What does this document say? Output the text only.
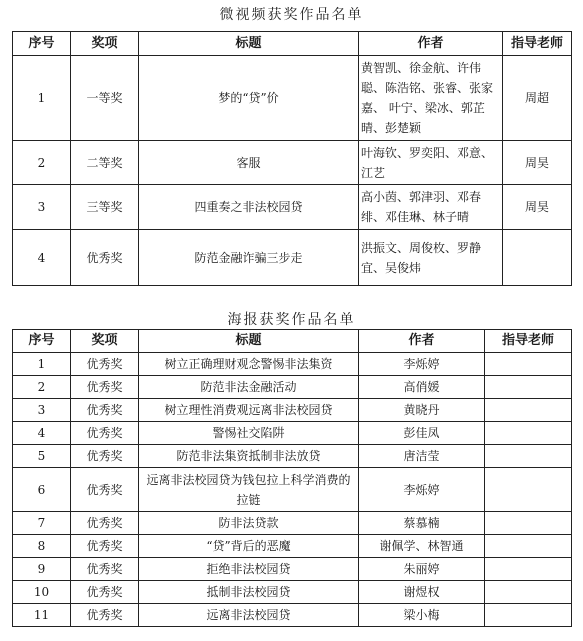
微视频获奖作品名单
序号	奖项	标题	作者	指导老师
1	一等奖	梦的“贷”价	黄智凯、徐金航、许伟聪、陈浩铭、张睿、张家嘉、 叶宁、梁冰、郭芷晴、彭楚颖	周超
2	二等奖	客服	叶海钦、罗奕阳、邓意、江艺	周昊
3	三等奖	四重奏之非法校园贷	高小茵、郭津羽、邓春绯、邓佳琳、林子晴	周昊
4	优秀奖	防范金融诈骗三步走	洪振文、周俊枚、罗静宜、吴俊炜	
海报获奖作品名单
序号	奖项	标题	作者	指导老师
1	优秀奖	树立正确理财观念警惕非法集资	李烁婷	
2	优秀奖	防范非法金融活动	高俏媛	
3	优秀奖	树立理性消费观远离非法校园贷	黄晓丹	
4	优秀奖	警惕社交陷阱	彭佳凤	
5	优秀奖	防范非法集资抵制非法放贷	唐洁莹	
6	优秀奖	远离非法校园贷为钱包拉上科学消费的拉链	李烁婷	
7	优秀奖	防非法贷款	蔡慕楠	
8	优秀奖	“贷”背后的恶魔	谢佩学、林智通	
9	优秀奖	拒绝非法校园贷	朱丽婷	
10	优秀奖	抵制非法校园贷	谢煜权	
11	优秀奖	远离非法校园贷	梁小梅	
